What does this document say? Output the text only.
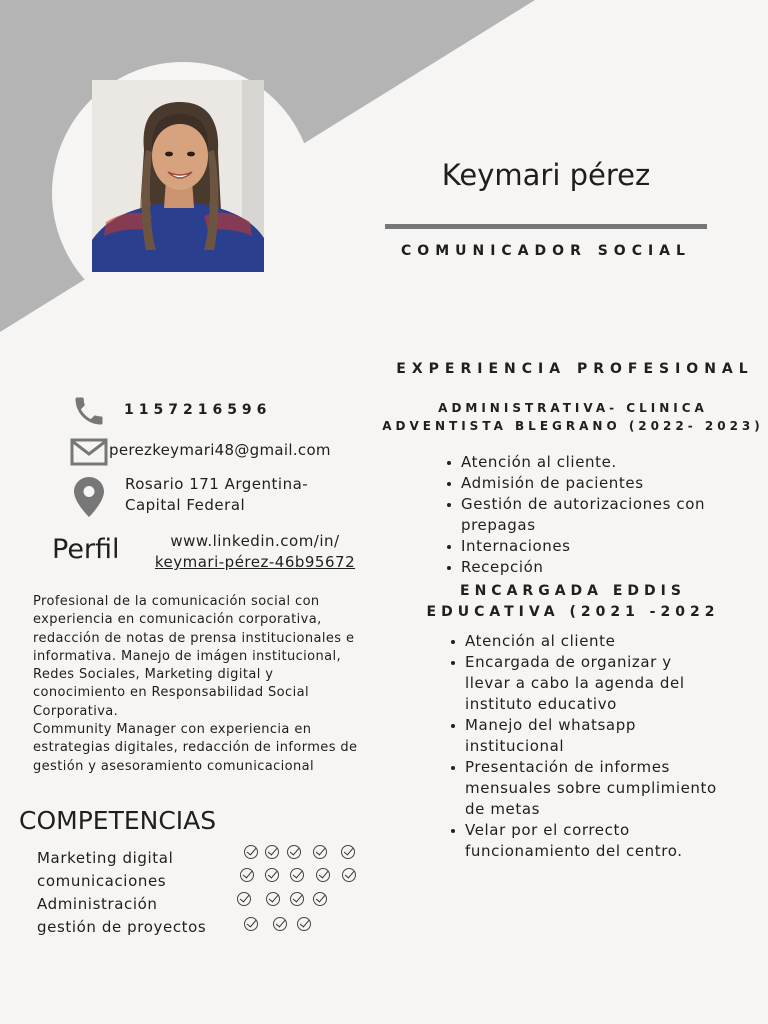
Keymari pérez
COMUNICADOR SOCIAL
1157216596
perezkeymari48@gmail.com
Rosario 171 Argentina-
Capital Federal
Perfil	www.linkedin.com/in/
keymari-pérez-46b95672
Profesional de la comunicación social con
experiencia en comunicación corporativa,
redacción de notas de prensa institucionales e
informativa. Manejo de imágen institucional,
Redes Sociales, Marketing digital y
conocimiento en Responsabilidad Social
Corporativa.
Community Manager con experiencia en
estrategias digitales, redacción de informes de
gestión y asesoramiento comunicacional
COMPETENCIAS
Marketing digital
comunicaciones
Administración
gestión de proyectos
EXPERIENCIA PROFESIONAL
ADMINISTRATIVA- CLINICA
ADVENTISTA BLEGRANO (2022- 2023)
Atención al cliente.
Admisión de pacientes
Gestión de autorizaciones con prepagas
Internaciones
Recepción
ENCARGADA EDDIS
EDUCATIVA (2021 -2022
Atención al cliente
Encargada de organizar y llevar a cabo la agenda del instituto educativo
Manejo del whatsapp institucional
Presentación de informes mensuales sobre cumplimiento de metas
Velar por el correcto funcionamiento del centro.
